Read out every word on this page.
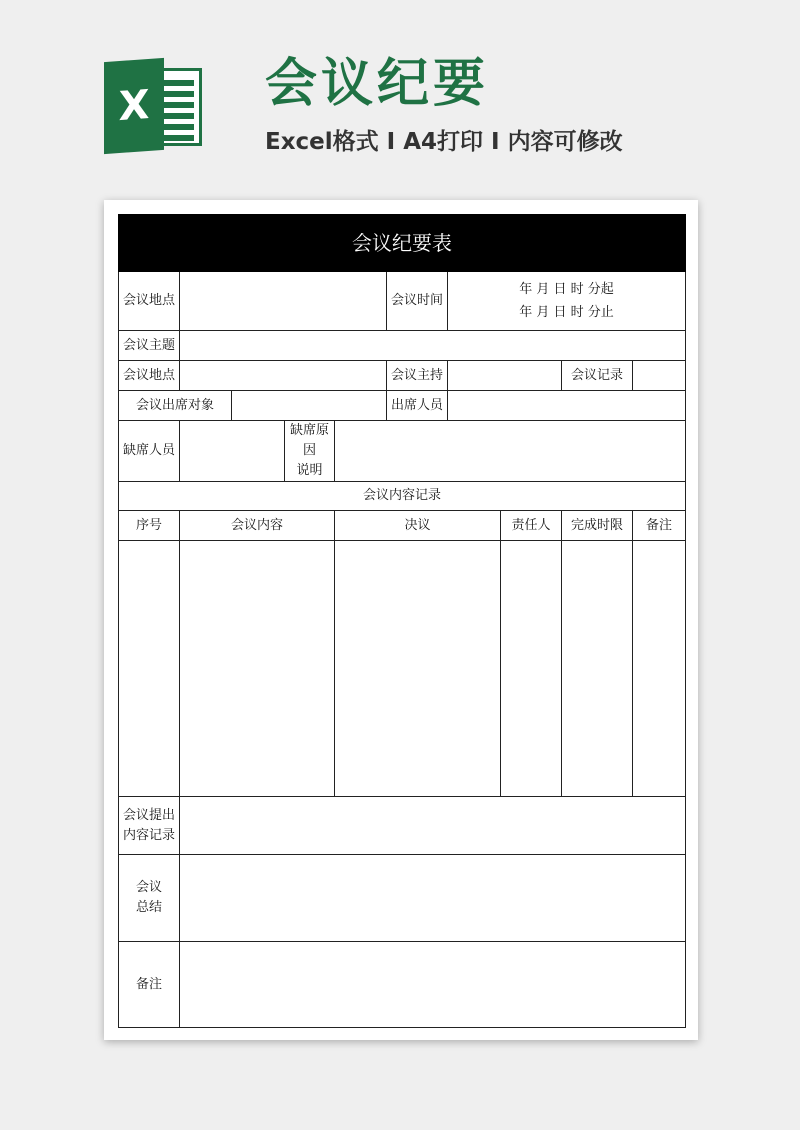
X 会议纪要
Excel格式 I A4打印 I 内容可修改
会议纪要表									
会议地点					会议时间	年 月 日 时 分起
年 月 日 时 分止			

会议主题									
会议地点					会议主持			会议记录	
会议出席对象					出席人员				
缺席人员			缺席原因
说明						

会议内容记录									
序号	会议内容			决议			责任人	完成时限	备注

会议提出
内容记录									

会议
总结									

备注									
